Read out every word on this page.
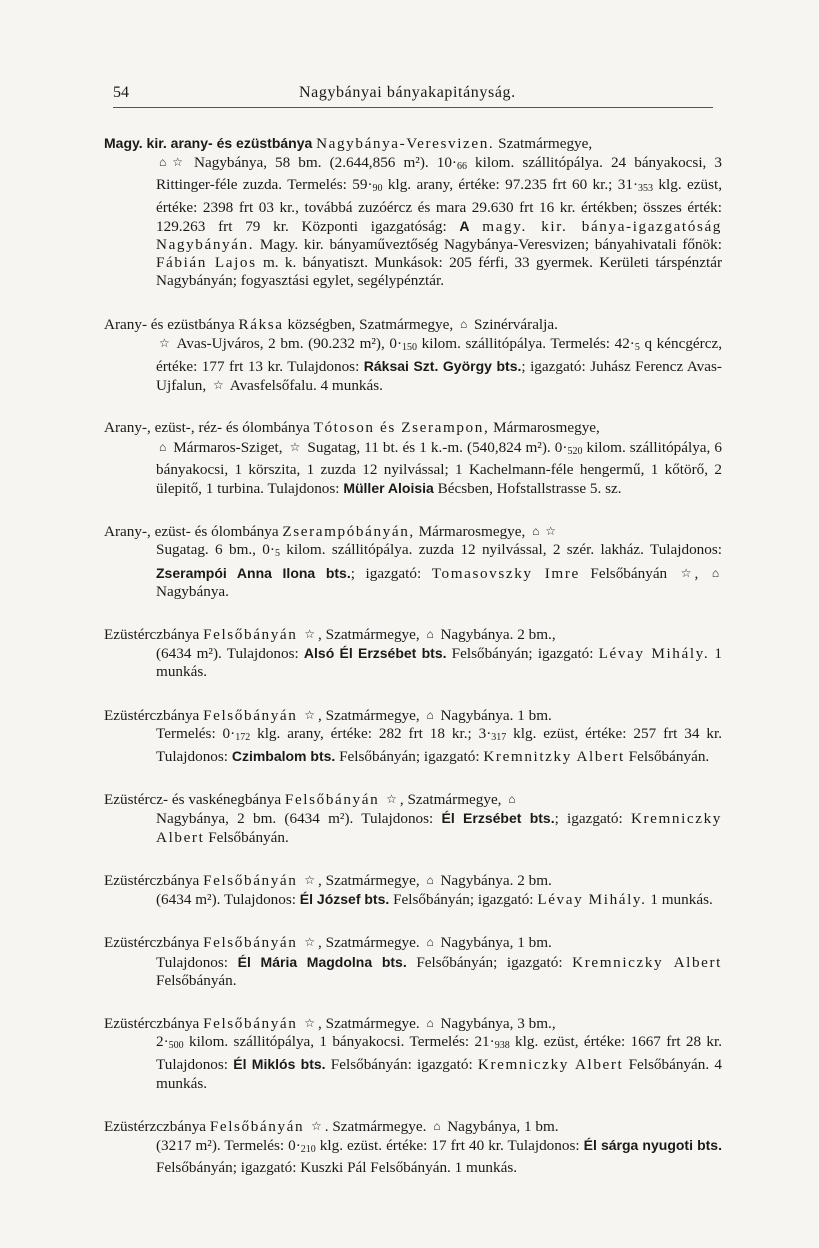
54	Nagybányai bányakapitányság.

Magy. kir. arany- és ezüstbánya Nagybánya-Veresvizen. Szatmármegye,

⌂ ☆ Nagybánya, 58 bm. (2.644,856 m²). $10\cdot_{66}$ kilom. szállitópálya. 24 bányakocsi, 3 Rittinger-féle zuzda. Termelés: $59\cdot_{90}$ klg. arany, értéke: 97.235 frt 60 kr.; $31\cdot_{353}$ klg. ezüst, értéke: 2398 frt 03 kr., továbbá zuzóércz és mara 29.630 frt 16 kr. értékben; összes érték: 129.263 frt 79 kr. Központi igazgatóság: A magy. kir. bánya-igazgatóság Nagybányán. Magy. kir. bányaműveztőség Nagybánya-Veresvizen; bányahivatali főnök: Fábián Lajos m. k. bányatiszt. Munkások: 205 férfi, 33 gyermek. Kerületi társpénztár Nagybányán; fogyasztási egylet, segélypénztár.

Arany- és ezüstbánya Ráksa községben, Szatmármegye, ⌂ Szinérváralja.

☆ Avas-Ujváros, 2 bm. (90.232 m²), $0\cdot_{150}$ kilom. szállitópálya. Termelés: $42\cdot_5$ q kéncgércz, értéke: 177 frt 13 kr. Tulajdonos: Ráksai Szt. György bts.; igazgató: Juhász Ferencz Avas-Ujfalun, ☆ Avasfelsőfalu. 4 munkás.

Arany-, ezüst-, réz- és ólombánya Tótoson és Zserampon, Mármarosmegye,

⌂ Mármaros-Sziget, ☆ Sugatag, 11 bt. és 1 k.-m. (540,824 m²). $0\cdot_{520}$ kilom. szállitópálya, 6 bányakocsi, 1 körszita, 1 zuzda 12 nyilvással; 1 Kachelmann-féle hengermű, 1 kőtörő, 2 ülepitő, 1 turbina. Tulajdonos: Müller Aloisia Bécsben, Hofstallstrasse 5. sz.

Arany-, ezüst- és ólombánya Zserampóbányán, Mármarosmegye, ⌂ ☆

Sugatag. 6 bm., $0\cdot_5$ kilom. szállitópálya. zuzda 12 nyilvással, 2 szér. lakház. Tulajdonos: Zserampói Anna Ilona bts.; igazgató: Tomasovszky Imre Felsőbányán ☆ , ⌂ Nagybánya.

Ezüstérczbánya Felsőbányán ☆ , Szatmármegye, ⌂ Nagybánya. 2 bm.,

(6434 m²). Tulajdonos: Alsó Él Erzsébet bts. Felsőbányán; igazgató: Lévay Mihály. 1 munkás.

Ezüstérczbánya Felsőbányán ☆ , Szatmármegye, ⌂ Nagybánya. 1 bm.

Termelés: $0\cdot_{172}$ klg. arany, értéke: 282 frt 18 kr.; $3\cdot_{317}$ klg. ezüst, értéke: 257 frt 34 kr. Tulajdonos: Czimbalom bts. Felsőbányán; igazgató: Kremnitzky Albert Felsőbányán.

Ezüstércz- és vaskénegbánya Felsőbányán ☆ , Szatmármegye, ⌂

Nagybánya, 2 bm. (6434 m²). Tulajdonos: Él Erzsébet bts.; igazgató: Kremniczky Albert Felsőbányán.

Ezüstérczbánya Felsőbányán ☆ , Szatmármegye, ⌂ Nagybánya. 2 bm.

(6434 m²). Tulajdonos: Él József bts. Felsőbányán; igazgató: Lévay Mihály. 1 munkás.

Ezüstérczbánya Felsőbányán ☆ , Szatmármegye. ⌂ Nagybánya, 1 bm.

Tulajdonos: Él Mária Magdolna bts. Felsőbányán; igazgató: Kremniczky Albert Felsőbányán.

Ezüstérczbánya Felsőbányán ☆ , Szatmármegye. ⌂ Nagybánya, 3 bm.,

$2\cdot_{500}$ kilom. szállitópálya, 1 bányakocsi. Termelés: $21\cdot_{938}$ klg. ezüst, értéke: 1667 frt 28 kr. Tulajdonos: Él Miklós bts. Felsőbányán: igazgató: Kremniczky Albert Felsőbányán. 4 munkás.

Ezüstérzczbánya Felsőbányán ☆ . Szatmármegye. ⌂ Nagybánya, 1 bm.

(3217 m²). Termelés: $0\cdot_{210}$ klg. ezüst. értéke: 17 frt 40 kr. Tulajdonos: Él sárga nyugoti bts. Felsőbányán; igazgató: Kuszki Pál Felsőbányán. 1 munkás.
